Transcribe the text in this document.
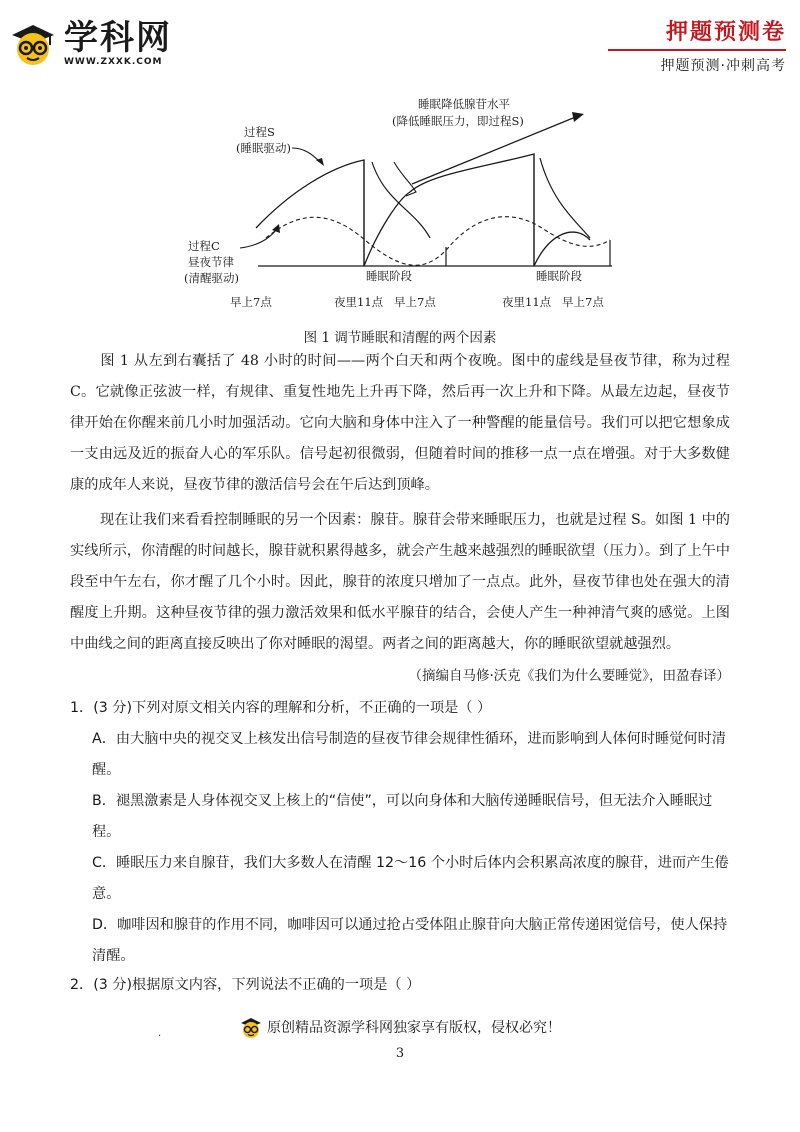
学科网
WWW.ZXXK.COM
押题预测卷
押题预测·冲刺高考
过程S
(睡眠驱动)
睡眠降低腺苷水平
(降低睡眠压力，即过程S)
过程C
昼夜节律
(清醒驱动)	睡眠阶段	睡眠阶段
早上7点	夜里11点 早上7点	夜里11点 早上7点
图 1 调节睡眠和清醒的两个因素
图 1 从左到右囊括了 48 小时的时间——两个白天和两个夜晚。图中的虚线是昼夜节律，称为过程 C。它就像正弦波一样，有规律、重复性地先上升再下降，然后再一次上升和下降。从最左边起，昼夜节律开始在你醒来前几小时加强活动。它向大脑和身体中注入了一种警醒的能量信号。我们可以把它想象成一支由远及近的振奋人心的军乐队。信号起初很微弱，但随着时间的推移一点一点在增强。对于大多数健康的成年人来说，昼夜节律的激活信号会在午后达到顶峰。
现在让我们来看看控制睡眠的另一个因素：腺苷。腺苷会带来睡眠压力，也就是过程 S。如图 1 中的实线所示，你清醒的时间越长，腺苷就积累得越多，就会产生越来越强烈的睡眠欲望（压力）。到了上午中段至中午左右，你才醒了几个小时。因此，腺苷的浓度只增加了一点点。此外，昼夜节律也处在强大的清醒度上升期。这种昼夜节律的强力激活效果和低水平腺苷的结合，会使人产生一种神清气爽的感觉。上图中曲线之间的距离直接反映出了你对睡眠的渴望。两者之间的距离越大，你的睡眠欲望就越强烈。
（摘编自马修·沃克《我们为什么要睡觉》，田盈春译）
1．(3 分)下列对原文相关内容的理解和分析，不正确的一项是（ ）
A．由大脑中央的视交叉上核发出信号制造的昼夜节律会规律性循环，进而影响到人体何时睡觉何时清醒。
B．褪黑激素是人身体视交叉上核上的“信使”，可以向身体和大脑传递睡眠信号，但无法介入睡眠过程。
C．睡眠压力来自腺苷，我们大多数人在清醒 12～16 个小时后体内会积累高浓度的腺苷，进而产生倦意。
D．咖啡因和腺苷的作用不同，咖啡因可以通过抢占受体阻止腺苷向大脑正常传递困觉信号，使人保持清醒。
2．(3 分)根据原文内容，下列说法不正确的一项是（ ）
.	原创精品资源学科网独家享有版权，侵权必究！
3
